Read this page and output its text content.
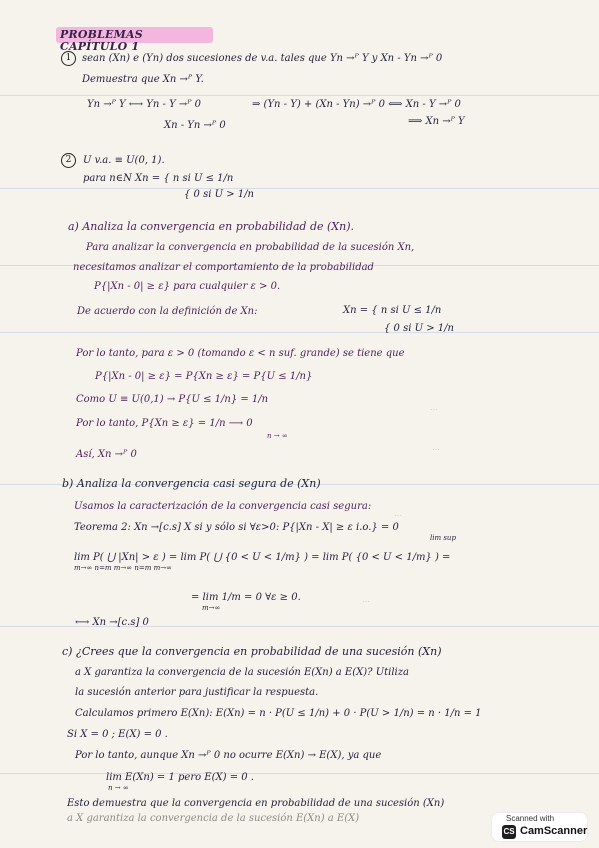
PROBLEMAS CAPÍTULO 1
1	sean (Xn) e (Yn) dos sucesiones de v.a. tales que Yn →ᴾ Y y Xn - Yn →ᴾ 0
Demuestra que Xn →ᴾ Y.
Yn →ᴾ Y ⟷ Yn - Y →ᴾ 0
Xn - Yn →ᴾ 0
⇒ (Yn - Y) + (Xn - Yn) →ᴾ 0 ⟺ Xn - Y →ᴾ 0
⟹ Xn →ᴾ Y
2	U v.a. ≡ U(0, 1).
para n∈N Xn = { n si U ≤ 1/n
{ 0 si U > 1/n
a) Analiza la convergencia en probabilidad de (Xn).
Para analizar la convergencia en probabilidad de la sucesión Xn,
necesitamos analizar el comportamiento de la probabilidad
P{|Xn - 0| ≥ ε} para cualquier ε > 0.
De acuerdo con la definición de Xn:	Xn = { n si U ≤ 1/n
{ 0 si U > 1/n
Por lo tanto, para ε > 0 (tomando ε < n suf. grande) se tiene que
P{|Xn - 0| ≥ ε} = P{Xn ≥ ε} = P{U ≤ 1/n}
Como U ≡ U(0,1) → P{U ≤ 1/n} = 1/n
Por lo tanto, P{Xn ≥ ε} = 1/n ⟶ 0
n → ∞
Así, Xn →ᴾ 0
b) Analiza la convergencia casi segura de (Xn)
Usamos la caracterización de la convergencia casi segura:
Teorema 2: Xn →[c.s] X si y sólo si ∀ε>0: P{|Xn - X| ≥ ε i.o.} = 0
lim sup
lim P( ⋃ |Xn| > ε ) = lim P( ⋃ {0 < U < 1/m} ) = lim P( {0 < U < 1/m} ) =
m→∞ n=m m→∞ n=m m→∞
= lim 1/m = 0 ∀ε ≥ 0.
m→∞
⟷ Xn →[c.s] 0
c) ¿Crees que la convergencia en probabilidad de una sucesión (Xn)
a X garantiza la convergencia de la sucesión E(Xn) a E(X)? Utiliza
la sucesión anterior para justificar la respuesta.
Calculamos primero E(Xn): E(Xn) = n · P(U ≤ 1/n) + 0 · P(U > 1/n) = n · 1/n = 1
Si X = 0 ; E(X) = 0 .
Por lo tanto, aunque Xn →ᴾ 0 no ocurre E(Xn) → E(X), ya que
lim E(Xn) = 1 pero E(X) = 0 .
n → ∞
Esto demuestra que la convergencia en probabilidad de una sucesión (Xn)
a X garantiza la convergencia de la sucesión E(Xn) a E(X)
…
…
…
…
Scanned with
CS CamScanner
